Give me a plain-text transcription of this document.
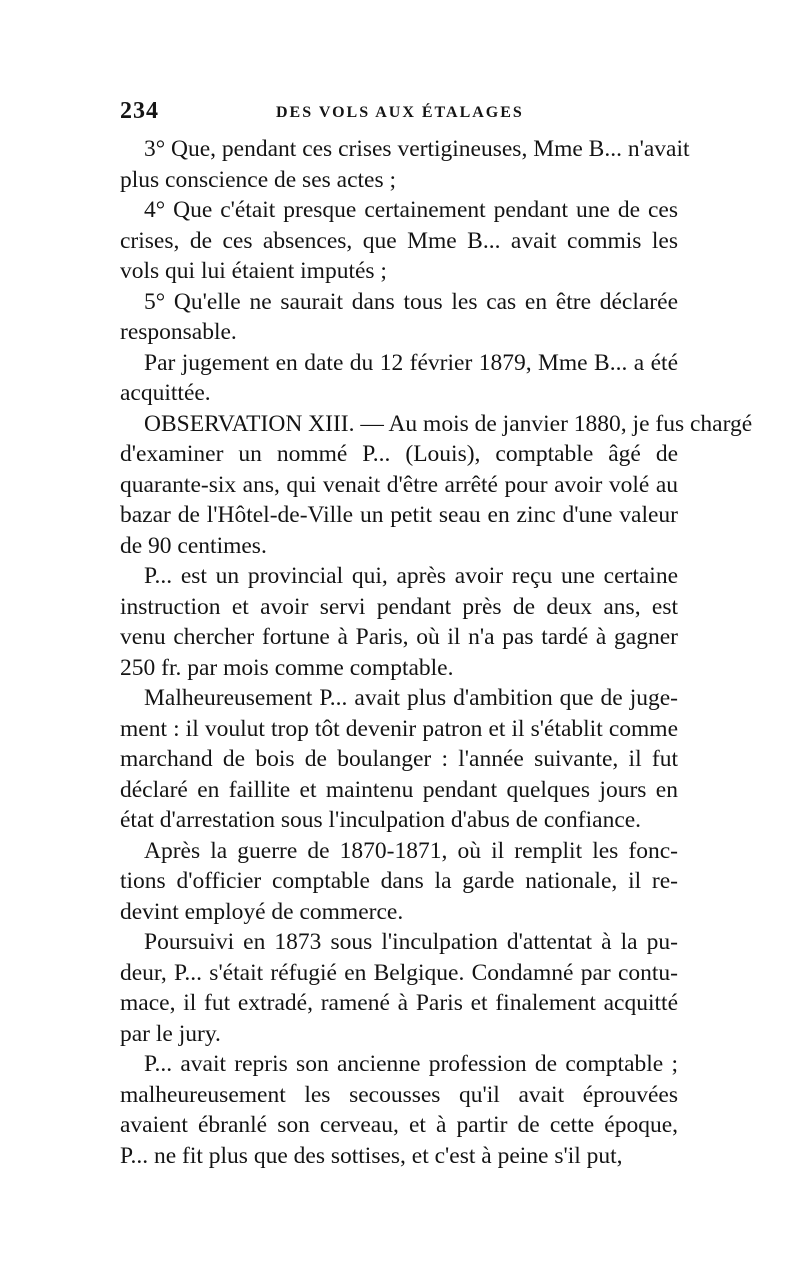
234	DES VOLS AUX ÉTALAGES
3° Que, pendant ces crises vertigineuses, Mme B... n'avait
plus conscience de ses actes ;
4° Que c'était presque certainement pendant une de ces
crises, de ces absences, que Mme B... avait commis les
vols qui lui étaient imputés ;
5° Qu'elle ne saurait dans tous les cas en être déclarée
responsable.
Par jugement en date du 12 février 1879, Mme B... a été
acquittée.
OBSERVATION XIII. — Au mois de janvier 1880, je fus chargé
d'examiner un nommé P... (Louis), comptable âgé de
quarante-six ans, qui venait d'être arrêté pour avoir volé au
bazar de l'Hôtel-de-Ville un petit seau en zinc d'une valeur
de 90 centimes.
P... est un provincial qui, après avoir reçu une certaine
instruction et avoir servi pendant près de deux ans, est
venu chercher fortune à Paris, où il n'a pas tardé à gagner
250 fr. par mois comme comptable.
Malheureusement P... avait plus d'ambition que de juge-
ment : il voulut trop tôt devenir patron et il s'établit comme
marchand de bois de boulanger : l'année suivante, il fut
déclaré en faillite et maintenu pendant quelques jours en
état d'arrestation sous l'inculpation d'abus de confiance.
Après la guerre de 1870-1871, où il remplit les fonc-
tions d'officier comptable dans la garde nationale, il re-
devint employé de commerce.
Poursuivi en 1873 sous l'inculpation d'attentat à la pu-
deur, P... s'était réfugié en Belgique. Condamné par contu-
mace, il fut extradé, ramené à Paris et finalement acquitté
par le jury.
P... avait repris son ancienne profession de comptable ;
malheureusement les secousses qu'il avait éprouvées
avaient ébranlé son cerveau, et à partir de cette époque,
P... ne fit plus que des sottises, et c'est à peine s'il put,
